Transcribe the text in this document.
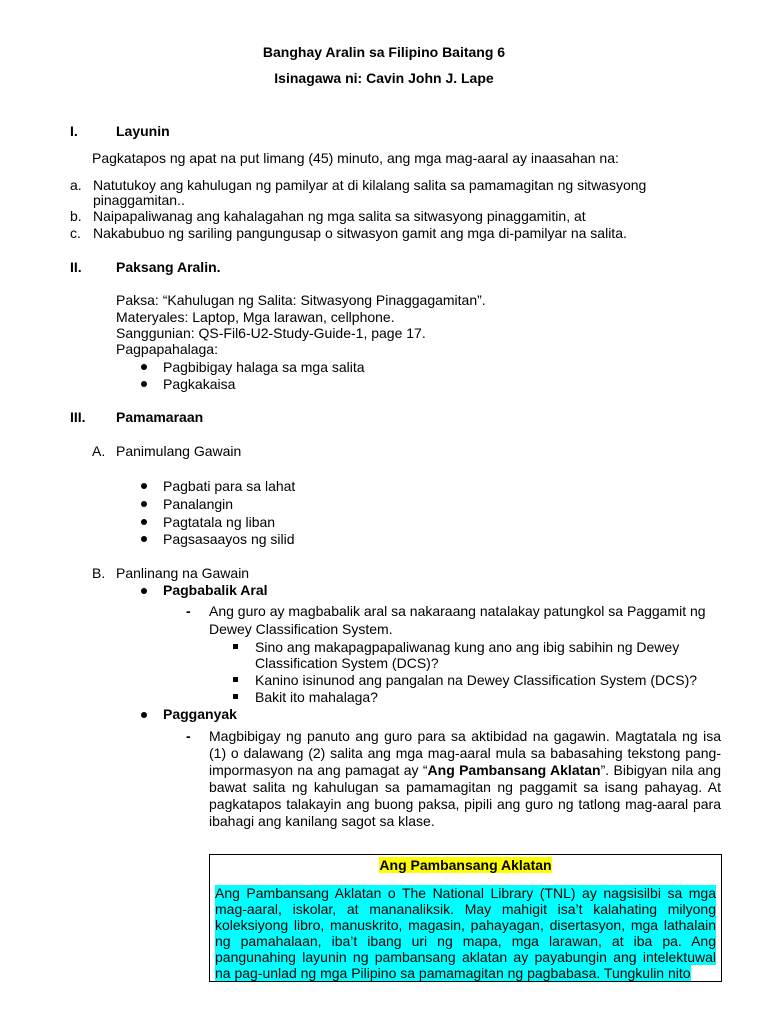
Banghay Aralin sa Filipino Baitang 6
Isinagawa ni: Cavin John J. Lape
I.	Layunin
Pagkatapos ng apat na put limang (45) minuto, ang mga mag-aaral ay inaasahan na:
a. Natutukoy ang kahulugan ng pamilyar at di kilalang salita sa pamamagitan ng sitwasyong
pinaggamitan..
b. Naipapaliwanag ang kahalagahan ng mga salita sa sitwasyong pinaggamitin, at
c. Nakabubuo ng sariling pangungusap o sitwasyon gamit ang mga di-pamilyar na salita.
II. Paksang Aralin.
Paksa: “Kahulugan ng Salita: Sitwasyong Pinaggagamitan”.
Materyales: Laptop, Mga larawan, cellphone.
Sanggunian: QS-Fil6-U2-Study-Guide-1, page 17.
Pagpapahalaga:
Pagbibigay halaga sa mga salita
Pagkakaisa
III. Pamamaraan
A. Panimulang Gawain
Pagbati para sa lahat
Panalangin
Pagtatala ng liban
Pagsasaayos ng silid
B. Panlinang na Gawain
Pagbabalik Aral
- Ang guro ay magbabalik aral sa nakaraang natalakay patungkol sa Paggamit ng
Dewey Classification System.
Sino ang makapagpapaliwanag kung ano ang ibig sabihin ng Dewey
Classification System (DCS)?
Kanino isinunod ang pangalan na Dewey Classification System (DCS)?
Bakit ito mahalaga?
Pagganyak
- Magbibigay ng panuto ang guro para sa aktibidad na gagawin. Magtatala ng isa (1) o dalawang (2) salita ang mga mag-aaral mula sa babasahing tekstong pang-impormasyon na ang pamagat ay “Ang Pambansang Aklatan”. Bibigyan nila ang bawat salita ng kahulugan sa pamamagitan ng paggamit sa isang pahayag. At pagkatapos talakayin ang buong paksa, pipili ang guro ng tatlong mag-aaral para ibahagi ang kanilang sagot sa klase.
Ang Pambansang Aklatan
Ang Pambansang Aklatan o The National Library (TNL) ay nagsisilbi sa mga mag-aaral, iskolar, at mananaliksik. May mahigit isa’t kalahating milyong koleksiyong libro, manuskrito, magasin, pahayagan, disertasyon, mga lathalain ng pamahalaan, iba’t ibang uri ng mapa, mga larawan, at iba pa. Ang pangunahing layunin ng pambansang aklatan ay payabungin ang intelektuwal na pag-unlad ng mga Pilipino sa pamamagitan ng pagbabasa. Tungkulin nito
